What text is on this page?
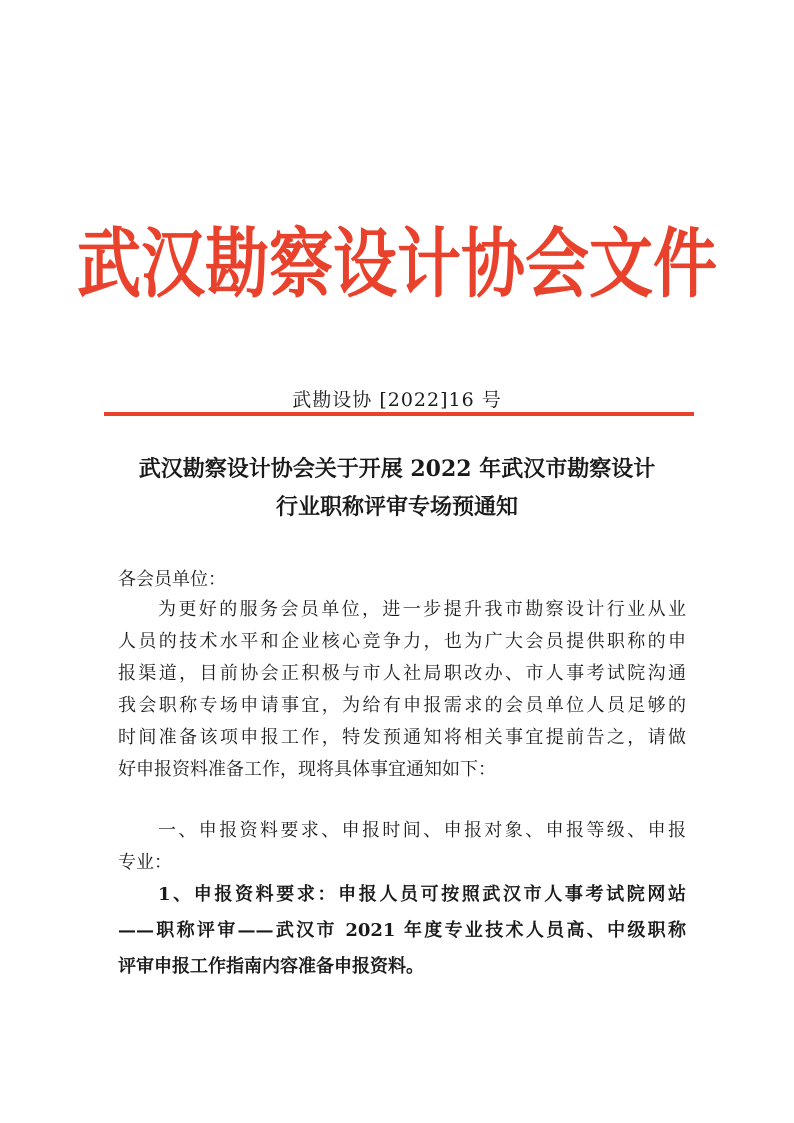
武汉勘察设计协会文件
武勘设协 [2022]16 号
武汉勘察设计协会关于开展 2022 年武汉市勘察设计
行业职称评审专场预通知
各会员单位：
为更好的服务会员单位，进一步提升我市勘察设计行业从业
人员的技术水平和企业核心竞争力，也为广大会员提供职称的申
报渠道，目前协会正积极与市人社局职改办、市人事考试院沟通
我会职称专场申请事宜，为给有申报需求的会员单位人员足够的
时间准备该项申报工作，特发预通知将相关事宜提前告之，请做
好申报资料准备工作，现将具体事宜通知如下：
一、申报资料要求、申报时间、申报对象、申报等级、申报
专业：
1、申报资料要求：申报人员可按照武汉市人事考试院网站
——职称评审——武汉市 2021 年度专业技术人员高、中级职称
评审申报工作指南内容准备申报资料。
